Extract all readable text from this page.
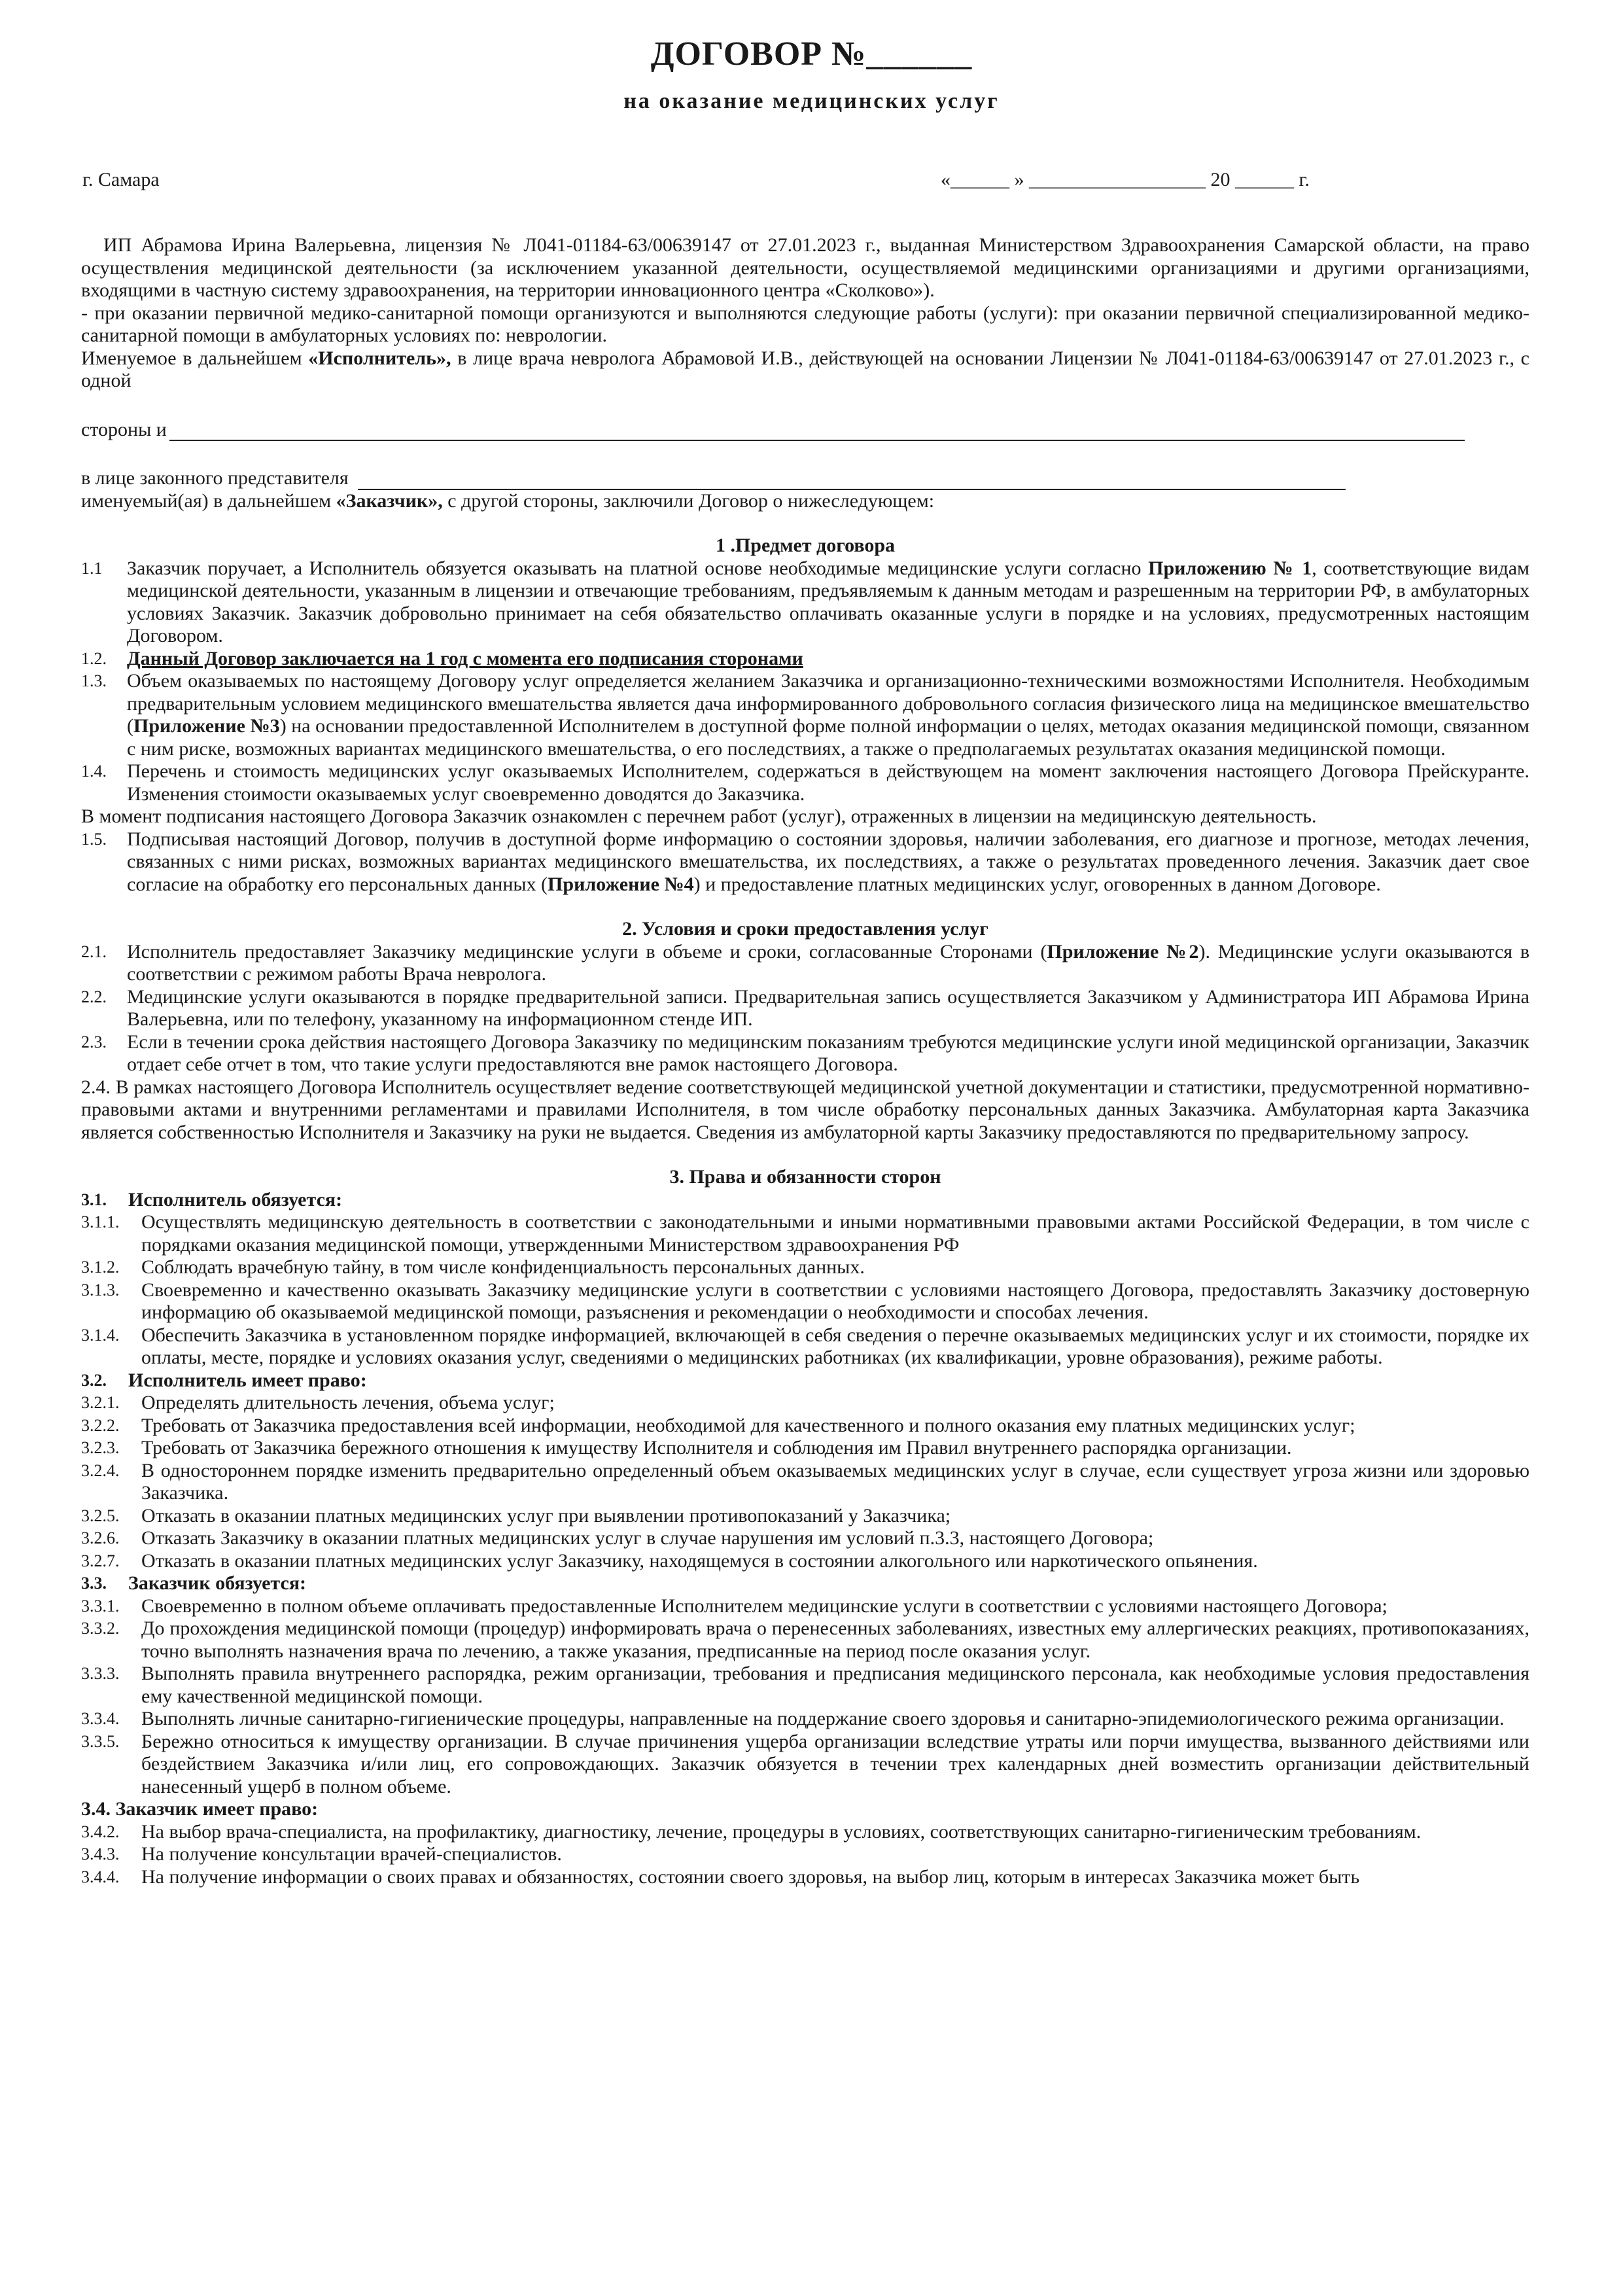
ДОГОВОР №______
на оказание медицинских услуг
г. Самара	«______ » __________________ 20 ______ г.

ИП Абрамова Ирина Валерьевна, лицензия № Л041-01184-63/00639147 от 27.01.2023 г., выданная Министерством Здравоохранения Самарской области, на право осуществления медицинской деятельности (за исключением указанной деятельности, осуществляемой медицинскими организациями и другими организациями, входящими в частную систему здравоохранения, на территории инновационного центра «Сколково»).

- при оказании первичной медико-санитарной помощи организуются и выполняются следующие работы (услуги): при оказании первичной специализированной медико-санитарной помощи в амбулаторных условиях по: неврологии.

Именуемое в дальнейшем «Исполнитель», в лице врача невролога Абрамовой И.В., действующей на основании Лицензии № Л041-01184-63/00639147 от 27.01.2023 г., с одной

стороны и
в лице законного представителя

именуемый(ая) в дальнейшем «Заказчик», с другой стороны, заключили Договор о нижеследующем:

1 .Предмет договора

1.1	Заказчик поручает, а Исполнитель обязуется оказывать на платной основе необходимые медицинские услуги согласно Приложению № 1, соответствующие видам медицинской деятельности, указанным в лицензии и отвечающие требованиям, предъявляемым к данным методам и разрешенным на территории РФ, в амбулаторных условиях Заказчик. Заказчик добровольно принимает на себя обязательство оплачивать оказанные услуги в порядке и на условиях, предусмотренных настоящим Договором.
1.2.	Данный Договор заключается на 1 год с момента его подписания сторонами
1.3.	Объем оказываемых по настоящему Договору услуг определяется желанием Заказчика и организационно-техническими возможностями Исполнителя. Необходимым предварительным условием медицинского вмешательства является дача информированного добровольного согласия физического лица на медицинское вмешательство (Приложение №3) на основании предоставленной Исполнителем в доступной форме полной информации о целях, методах оказания медицинской помощи, связанном с ним риске, возможных вариантах медицинского вмешательства, о его последствиях, а также о предполагаемых результатах оказания медицинской помощи.
1.4.	Перечень и стоимость медицинских услуг оказываемых Исполнителем, содержаться в действующем на момент заключения настоящего Договора Прейскуранте. Изменения стоимости оказываемых услуг своевременно доводятся до Заказчика.

В момент подписания настоящего Договора Заказчик ознакомлен с перечнем работ (услуг), отраженных в лицензии на медицинскую деятельность.

1.5.	Подписывая настоящий Договор, получив в доступной форме информацию о состоянии здоровья, наличии заболевания, его диагнозе и прогнозе, методах лечения, связанных с ними рисках, возможных вариантах медицинского вмешательства, их последствиях, а также о результатах проведенного лечения. Заказчик дает свое согласие на обработку его персональных данных (Приложение №4) и предоставление платных медицинских услуг, оговоренных в данном Договоре.

2. Условия и сроки предоставления услуг

2.1.	Исполнитель предоставляет Заказчику медицинские услуги в объеме и сроки, согласованные Сторонами (Приложение №2). Медицинские услуги оказываются в соответствии с режимом работы Врача невролога.
2.2.	Медицинские услуги оказываются в порядке предварительной записи. Предварительная запись осуществляется Заказчиком у Администратора ИП Абрамова Ирина Валерьевна, или по телефону, указанному на информационном стенде ИП.
2.3.	Если в течении срока действия настоящего Договора Заказчику по медицинским показаниям требуются медицинские услуги иной медицинской организации, Заказчик отдает себе отчет в том, что такие услуги предоставляются вне рамок настоящего Договора.

2.4. В рамках настоящего Договора Исполнитель осуществляет ведение соответствующей медицинской учетной документации и статистики, предусмотренной нормативно-правовыми актами и внутренними регламентами и правилами Исполнителя, в том числе обработку персональных данных Заказчика. Амбулаторная карта Заказчика является собственностью Исполнителя и Заказчику на руки не выдается. Сведения из амбулаторной карты Заказчику предоставляются по предварительному запросу.

3. Права и обязанности сторон

3.1.	Исполнитель обязуется:
3.1.1.	Осуществлять медицинскую деятельность в соответствии с законодательными и иными нормативными правовыми актами Российской Федерации, в том числе с порядками оказания медицинской помощи, утвержденными Министерством здравоохранения РФ
3.1.2.	Соблюдать врачебную тайну, в том числе конфиденциальность персональных данных.
3.1.3.	Своевременно и качественно оказывать Заказчику медицинские услуги в соответствии с условиями настоящего Договора, предоставлять Заказчику достоверную информацию об оказываемой медицинской помощи, разъяснения и рекомендации о необходимости и способах лечения.
3.1.4.	Обеспечить Заказчика в установленном порядке информацией, включающей в себя сведения о перечне оказываемых медицинских услуг и их стоимости, порядке их оплаты, месте, порядке и условиях оказания услуг, сведениями о медицинских работниках (их квалификации, уровне образования), режиме работы.
3.2.	Исполнитель имеет право:
3.2.1.	Определять длительность лечения, объема услуг;
3.2.2.	Требовать от Заказчика предоставления всей информации, необходимой для качественного и полного оказания ему платных медицинских услуг;
3.2.3.	Требовать от Заказчика бережного отношения к имуществу Исполнителя и соблюдения им Правил внутреннего распорядка организации.
3.2.4.	В одностороннем порядке изменить предварительно определенный объем оказываемых медицинских услуг в случае, если существует угроза жизни или здоровью Заказчика.
3.2.5.	Отказать в оказании платных медицинских услуг при выявлении противопоказаний у Заказчика;
3.2.6.	Отказать Заказчику в оказании платных медицинских услуг в случае нарушения им условий п.3.3, настоящего Договора;
3.2.7.	Отказать в оказании платных медицинских услуг Заказчику, находящемуся в состоянии алкогольного или наркотического опьянения.
3.3.	Заказчик обязуется:
3.3.1.	Своевременно в полном объеме оплачивать предоставленные Исполнителем медицинские услуги в соответствии с условиями настоящего Договора;
3.3.2.	До прохождения медицинской помощи (процедур) информировать врача о перенесенных заболеваниях, известных ему аллергических реакциях, противопоказаниях, точно выполнять назначения врача по лечению, а также указания, предписанные на период после оказания услуг.
3.3.3.	Выполнять правила внутреннего распорядка, режим организации, требования и предписания медицинского персонала, как необходимые условия предоставления ему качественной медицинской помощи.
3.3.4.	Выполнять личные санитарно-гигиенические процедуры, направленные на поддержание своего здоровья и санитарно-эпидемиологического режима организации.
3.3.5.	Бережно относиться к имуществу организации. В случае причинения ущерба организации вследствие утраты или порчи имущества, вызванного действиями или бездействием Заказчика и/или лиц, его сопровождающих. Заказчик обязуется в течении трех календарных дней возместить организации действительный нанесенный ущерб в полном объеме.

3.4. Заказчик имеет право:

3.4.2.	На выбор врача-специалиста, на профилактику, диагностику, лечение, процедуры в условиях, соответствующих санитарно-гигиеническим требованиям.
3.4.3.	На получение консультации врачей-специалистов.
3.4.4.	На получение информации о своих правах и обязанностях, состоянии своего здоровья, на выбор лиц, которым в интересах Заказчика может быть
